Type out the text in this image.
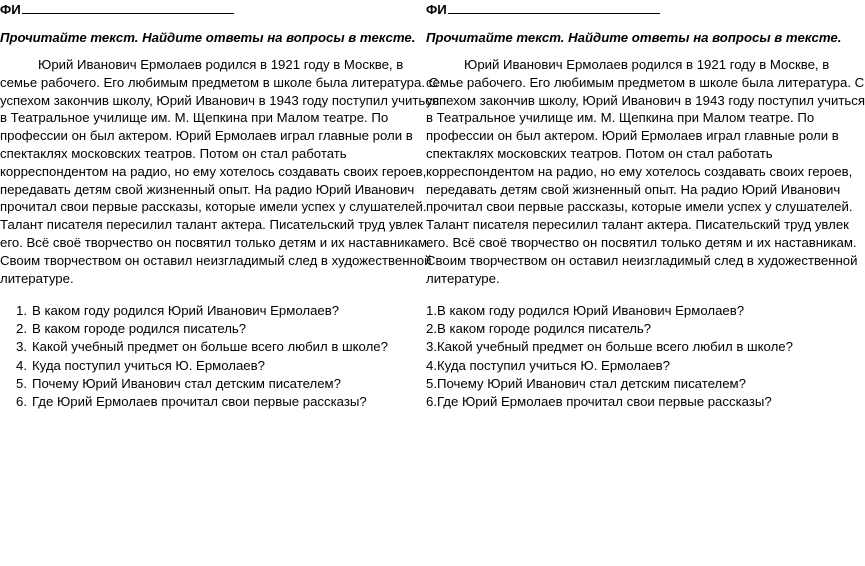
ФИ
Прочитайте текст. Найдите ответы на вопросы в тексте.
Юрий Иванович Ермолаев родился в 1921 году в Москве, в
семье рабочего. Его любимым предметом в школе была литература. С
успехом закончив школу, Юрий Иванович в 1943 году поступил учиться
в Театральное училище им. М. Щепкина при Малом театре. По
профессии он был актером. Юрий Ермолаев играл главные роли в
спектаклях московских театров. Потом он стал работать
корреспондентом на радио, но ему хотелось создавать своих героев,
передавать детям свой жизненный опыт. На радио Юрий Иванович
прочитал свои первые рассказы, которые имели успех у слушателей.
Талант писателя пересилил талант актера. Писательский труд увлек
его. Всё своё творчество он посвятил только детям и их наставникам.
Своим творчеством он оставил неизгладимый след в художественной
литературе.
1. В каком году родился Юрий Иванович Ермолаев?
2. В каком городе родился писатель?
3. Какой учебный предмет он больше всего любил в школе?
4. Куда поступил учиться Ю. Ермолаев?
5. Почему Юрий Иванович стал детским писателем?
6. Где Юрий Ермолаев прочитал свои первые рассказы?
ФИ
Прочитайте текст. Найдите ответы на вопросы в тексте.
Юрий Иванович Ермолаев родился в 1921 году в Москве, в
семье рабочего. Его любимым предметом в школе была литература. С
успехом закончив школу, Юрий Иванович в 1943 году поступил учиться
в Театральное училище им. М. Щепкина при Малом театре. По
профессии он был актером. Юрий Ермолаев играл главные роли в
спектаклях московских театров. Потом он стал работать
корреспондентом на радио, но ему хотелось создавать своих героев,
передавать детям свой жизненный опыт. На радио Юрий Иванович
прочитал свои первые рассказы, которые имели успех у слушателей.
Талант писателя пересилил талант актера. Писательский труд увлек
его. Всё своё творчество он посвятил только детям и их наставникам.
Своим творчеством он оставил неизгладимый след в художественной
литературе.
1.В каком году родился Юрий Иванович Ермолаев?
2.В каком городе родился писатель?
3.Какой учебный предмет он больше всего любил в школе?
4.Куда поступил учиться Ю. Ермолаев?
5.Почему Юрий Иванович стал детским писателем?
6.Где Юрий Ермолаев прочитал свои первые рассказы?
